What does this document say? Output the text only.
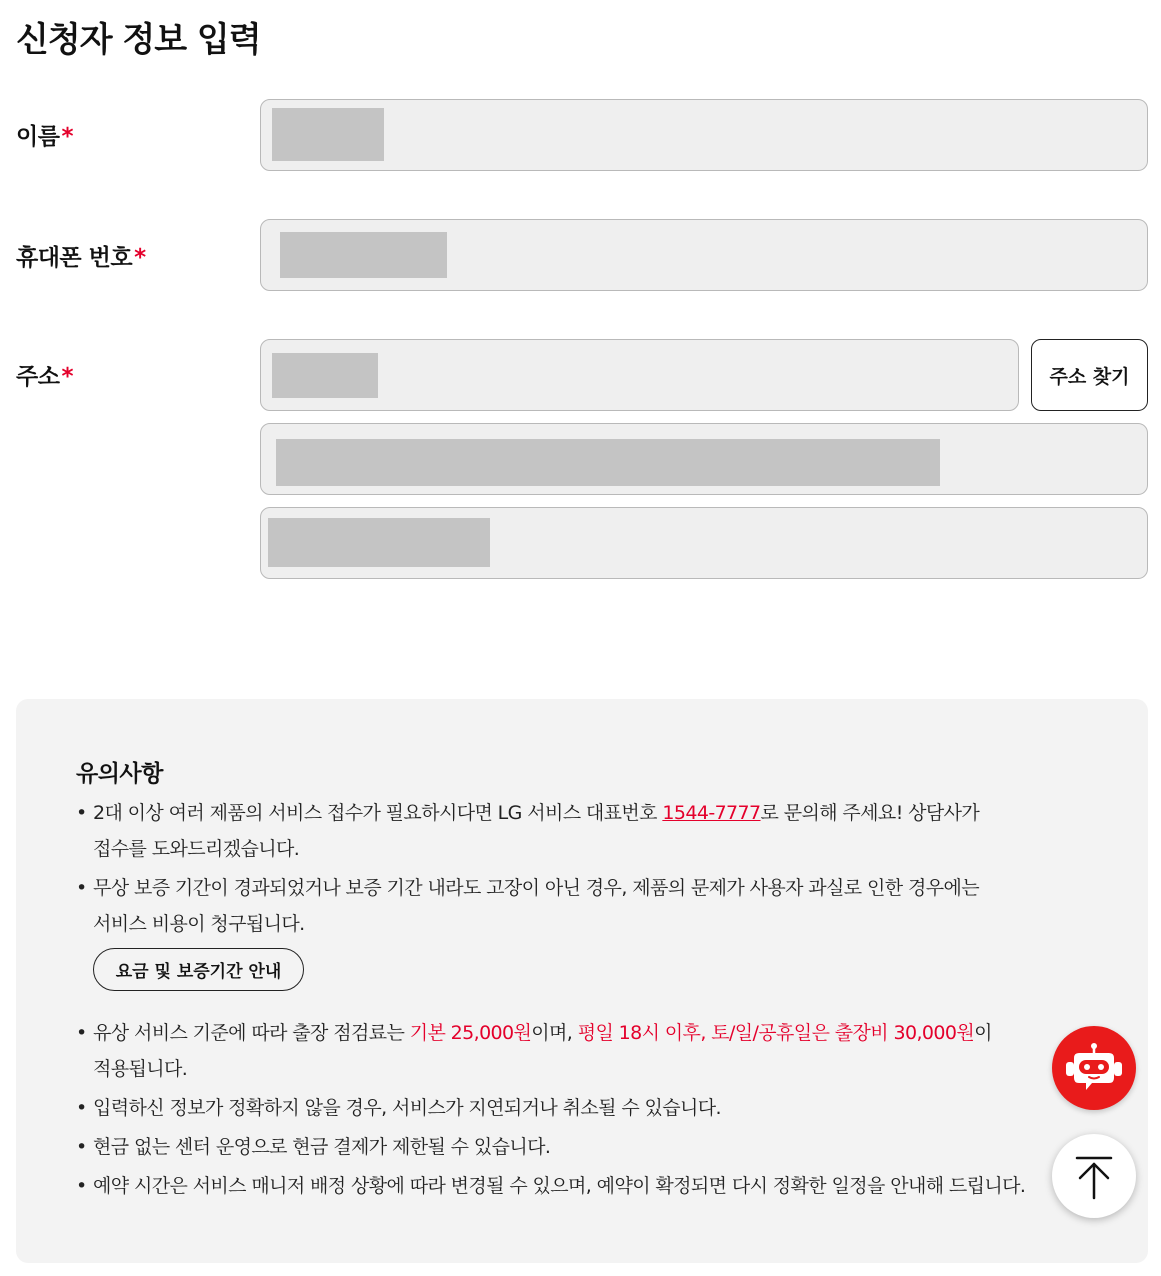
신청자 정보 입력
이름*
휴대폰 번호*
주소*	주소 찾기
유의사항
• 2대 이상 여러 제품의 서비스 접수가 필요하시다면 LG 서비스 대표번호 1544-7777로 문의해 주세요! 상담사가
접수를 도와드리겠습니다.
• 무상 보증 기간이 경과되었거나 보증 기간 내라도 고장이 아닌 경우, 제품의 문제가 사용자 과실로 인한 경우에는
서비스 비용이 청구됩니다.
요금 및 보증기간 안내
• 유상 서비스 기준에 따라 출장 점검료는 기본 25,000원이며, 평일 18시 이후, 토/일/공휴일은 출장비 30,000원이
적용됩니다.
• 입력하신 정보가 정확하지 않을 경우, 서비스가 지연되거나 취소될 수 있습니다.
• 현금 없는 센터 운영으로 현금 결제가 제한될 수 있습니다.
• 예약 시간은 서비스 매니저 배정 상황에 따라 변경될 수 있으며, 예약이 확정되면 다시 정확한 일정을 안내해 드립니다.
